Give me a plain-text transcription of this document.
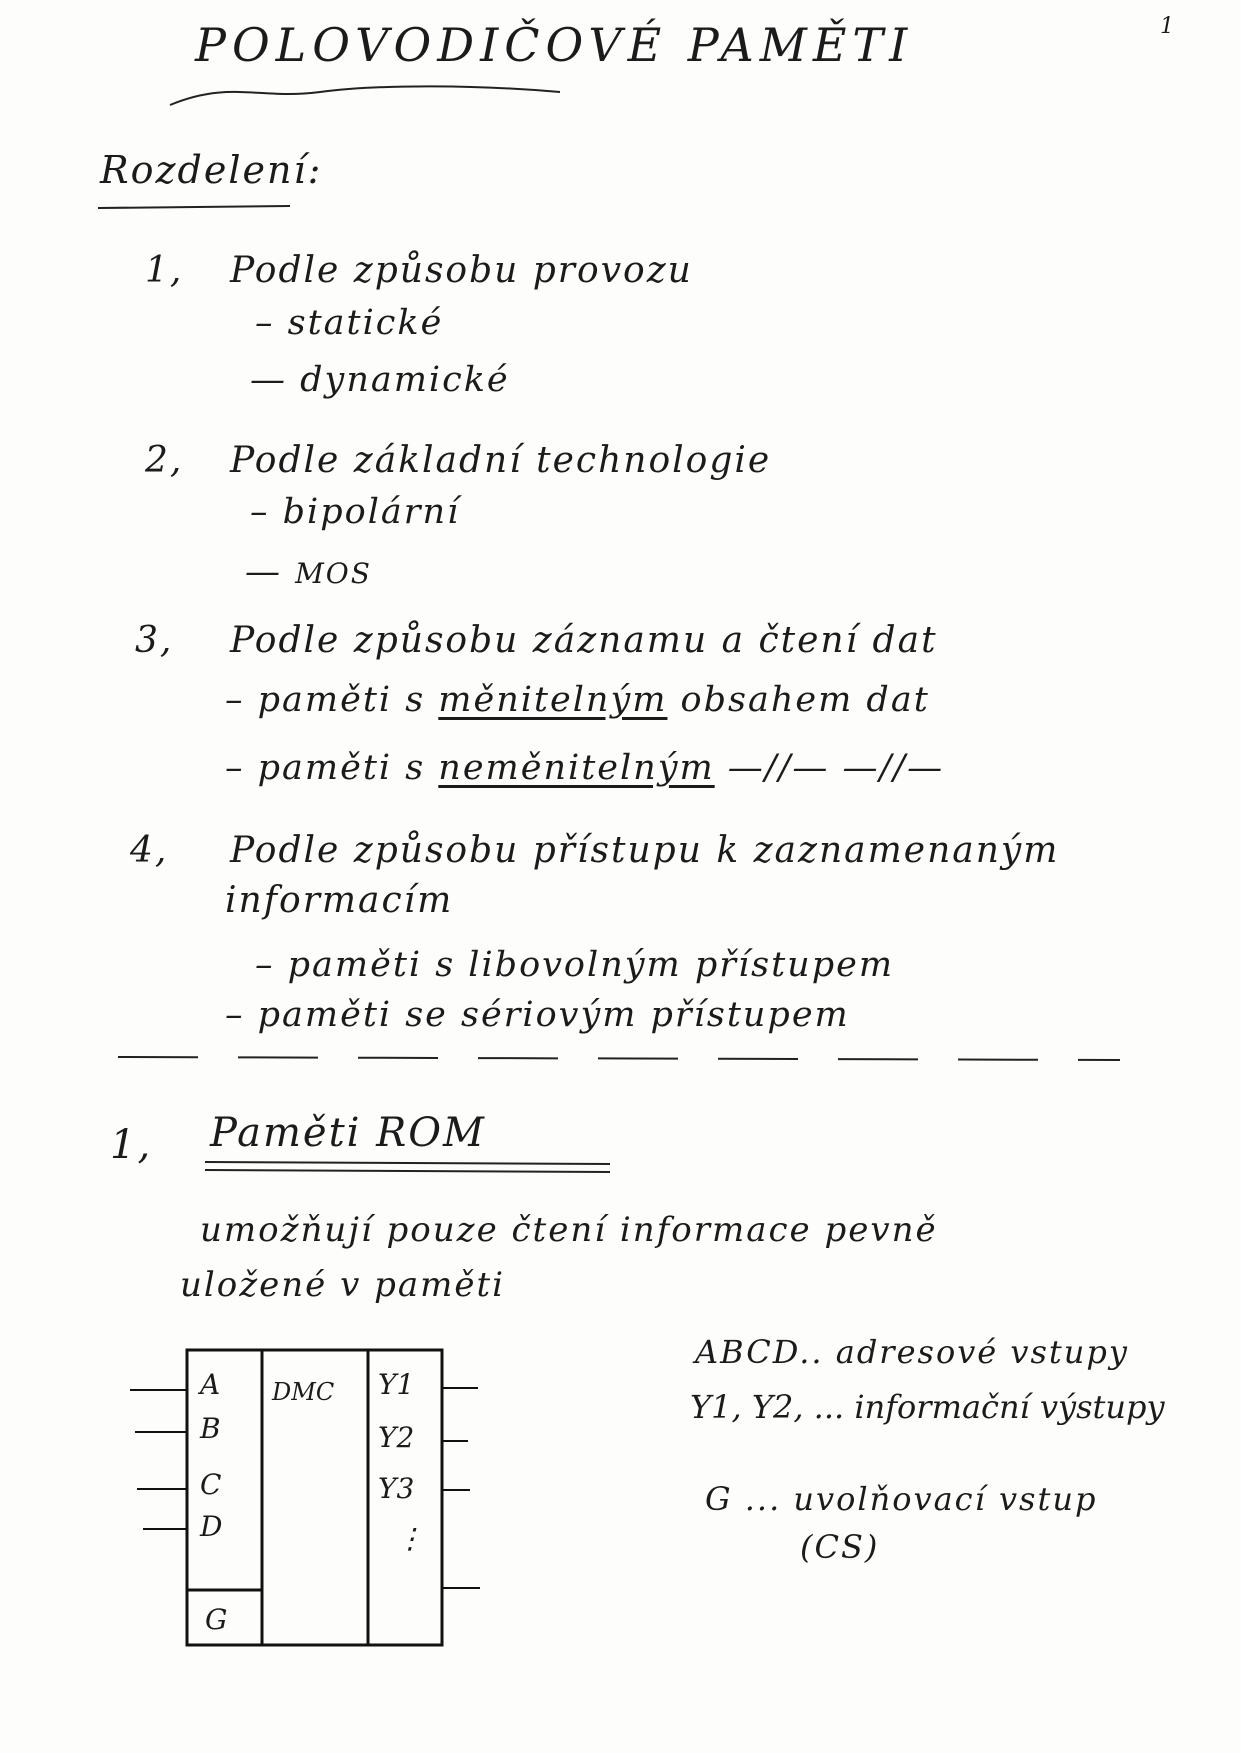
1
POLOVODIČOVÉ PAMĚTI
Rozdelení:
1, Podle způsobu provozu
– statické
— dynamické
2, Podle základní technologie
– bipolární
— MOS
3, Podle způsobu záznamu a čtení dat
– paměti s měnitelným obsahem dat
– paměti s neměnitelným —//— —//—
4, Podle způsobu přístupu k zaznamenaným
informacím
– paměti s libovolným přístupem
– paměti se sériovým přístupem
1, Paměti ROM
umožňují pouze čtení informace pevně
uložené v paměti
A
B
C
D
DMC Y1
Y2
Y3
⋮
G
ABCD.. adresové vstupy
Y1, Y2, ... informační výstupy
G ... uvolňovací vstup
(CS)
